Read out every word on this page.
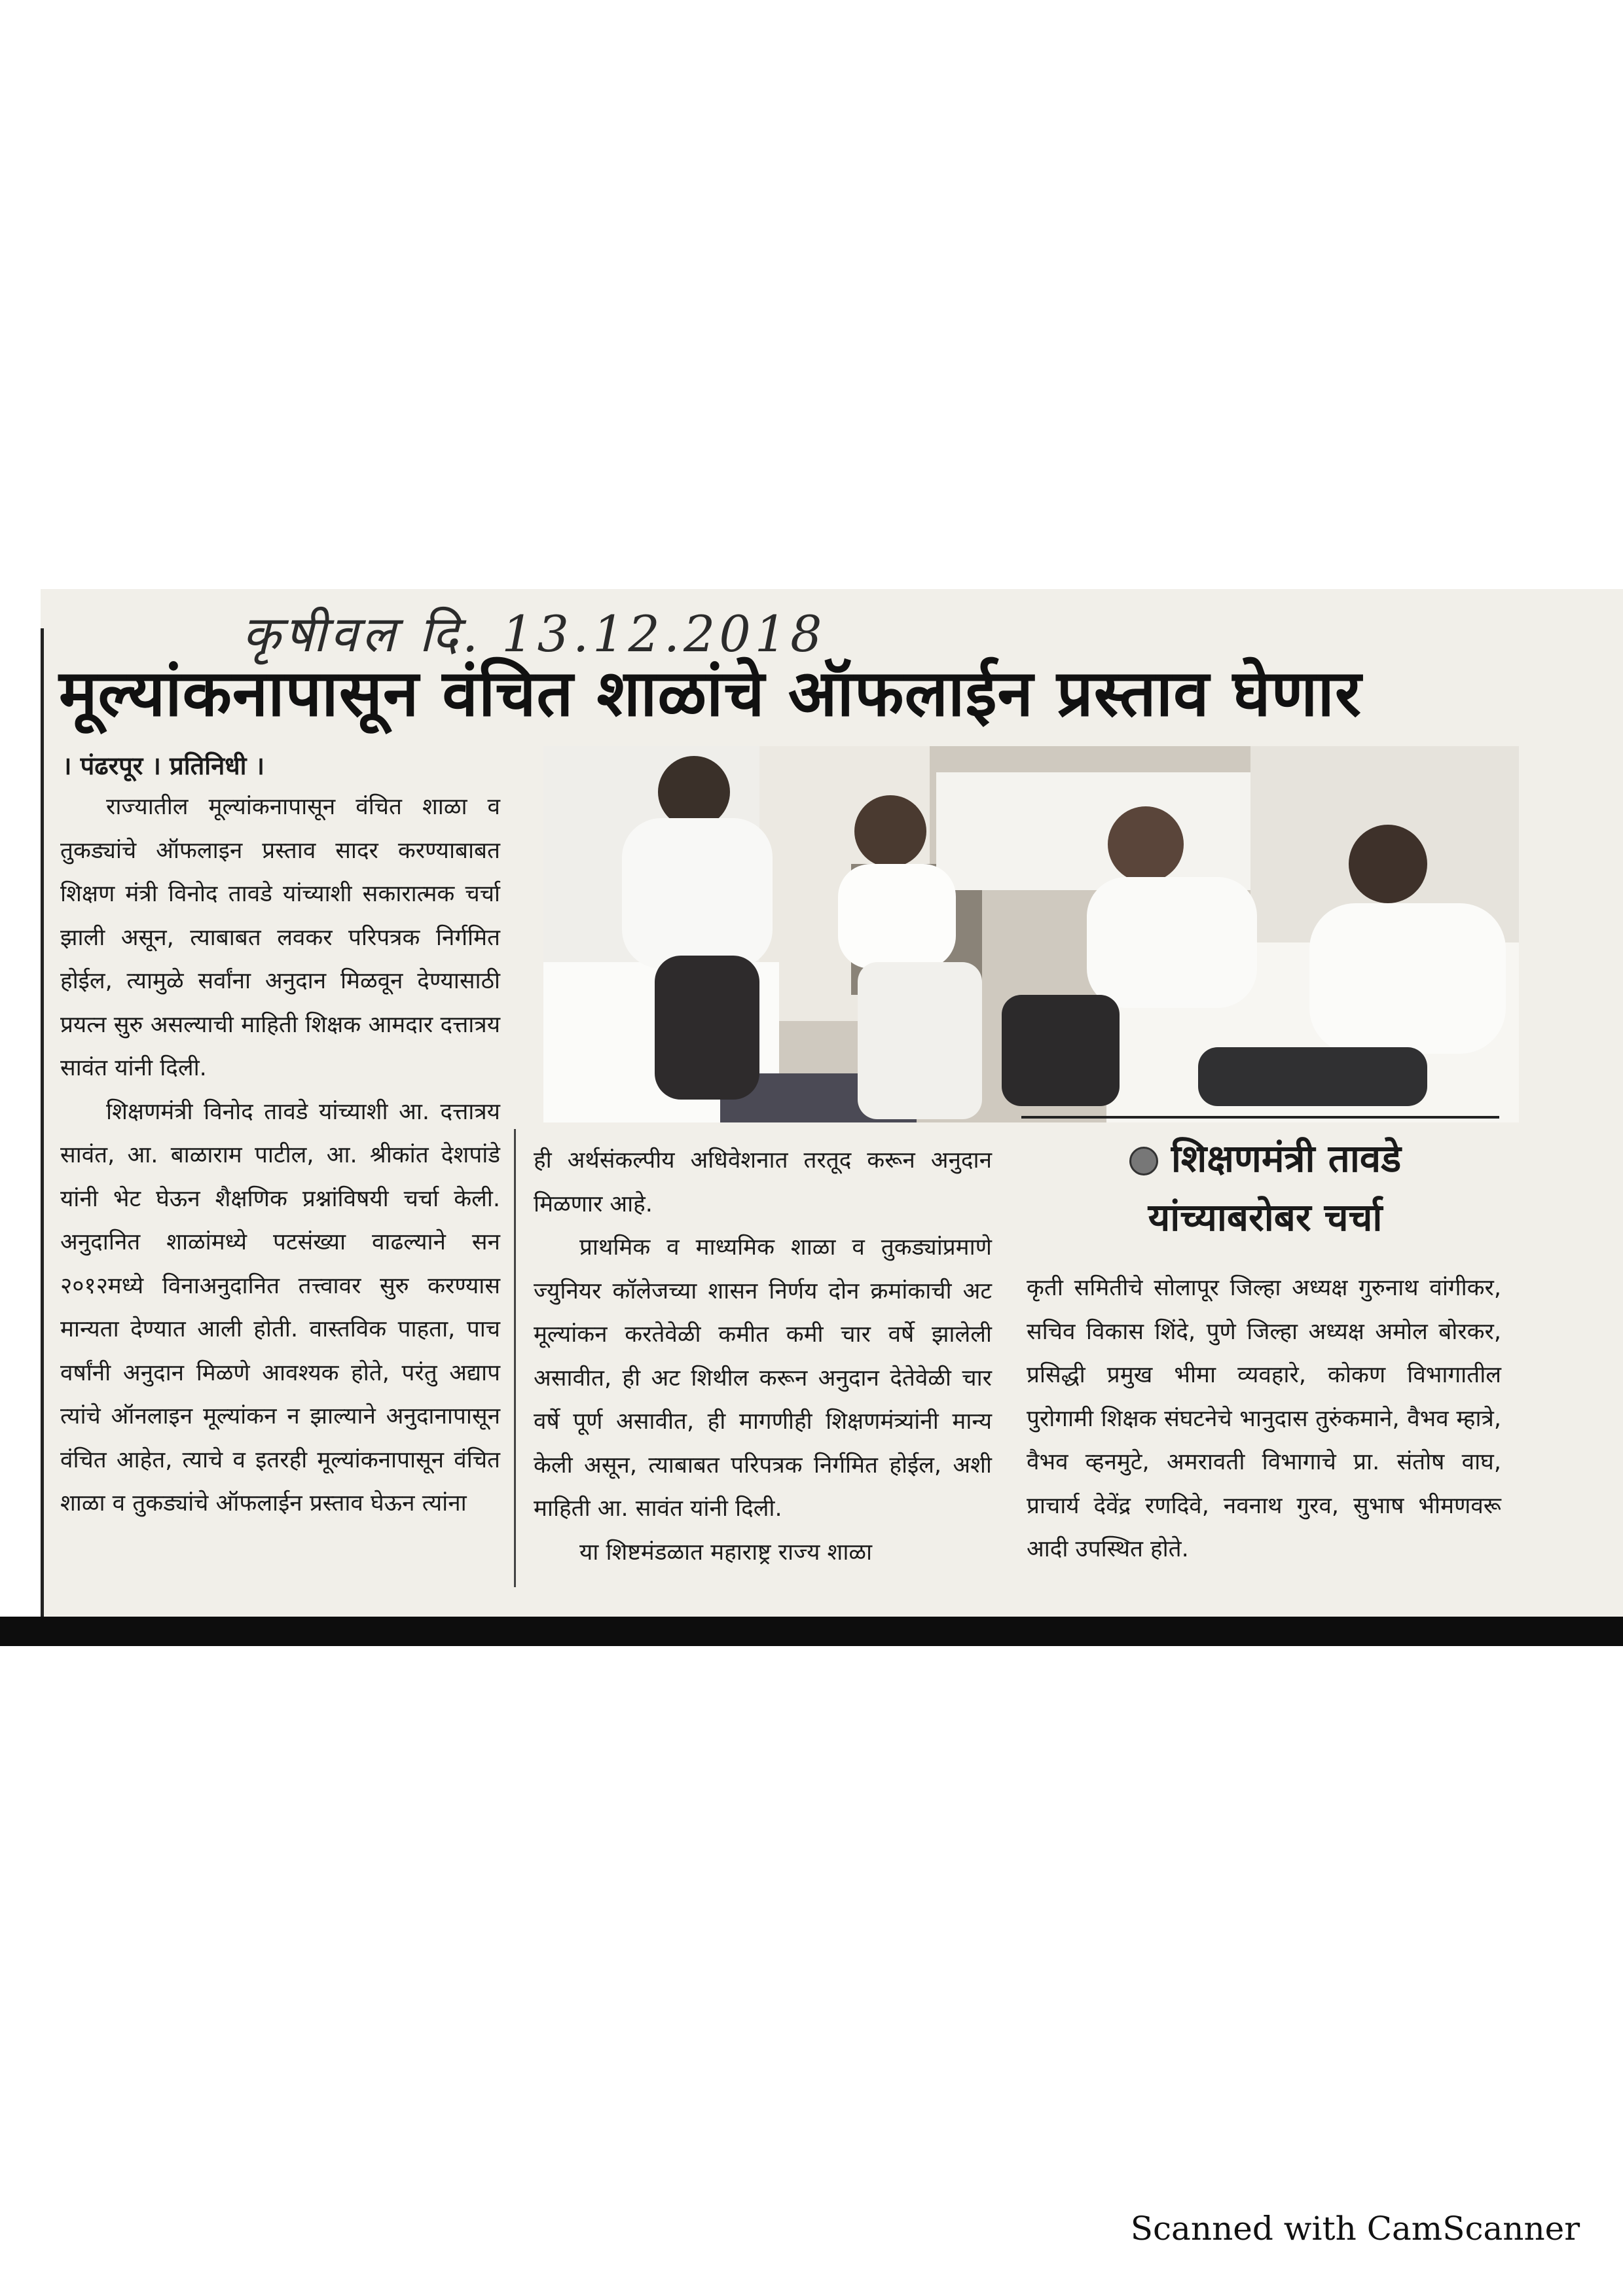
कृषीवल दि. 13.12.2018
मूल्यांकनापासून वंचित शाळांचे ऑफलाईन प्रस्ताव घेणार
। पंढरपूर । प्रतिनिधी ।

राज्यातील मूल्यांकनापासून वंचित शाळा व तुकड्यांचे ऑफलाइन प्रस्ताव सादर करण्याबाबत शिक्षण मंत्री विनोद तावडे यांच्याशी सकारात्मक चर्चा झाली असून, त्याबाबत लवकर परिपत्रक निर्गमित होईल, त्यामुळे सर्वांना अनुदान मिळवून देण्यासाठी प्रयत्न सुरु असल्याची माहिती शिक्षक आमदार दत्तात्रय सावंत यांनी दिली.

शिक्षणमंत्री विनोद तावडे यांच्याशी आ. दत्तात्रय सावंत, आ. बाळाराम पाटील, आ. श्रीकांत देशपांडे यांनी भेट घेऊन शैक्षणिक प्रश्नांविषयी चर्चा केली. अनुदानित शाळांमध्ये पटसंख्या वाढल्याने सन २०१२मध्ये विनाअनुदानित तत्त्वावर सुरु करण्यास मान्यता देण्यात आली होती. वास्तविक पाहता, पाच वर्षांनी अनुदान मिळणे आवश्यक होते, परंतु अद्याप त्यांचे ऑनलाइन मूल्यांकन न झाल्याने अनुदानापासून वंचित आहेत, त्याचे व इतरही मूल्यांकनापासून वंचित शाळा व तुकड्यांचे ऑफलाईन प्रस्ताव घेऊन त्यांना

शिक्षणमंत्री तावडे
यांच्याबरोबर चर्चा

ही अर्थसंकल्पीय अधिवेशनात तरतूद करून अनुदान मिळणार आहे.

प्राथमिक व माध्यमिक शाळा व तुकड्यांप्रमाणे ज्युनियर कॉलेजच्या शासन निर्णय दोन क्रमांकाची अट मूल्यांकन करतेवेळी कमीत कमी चार वर्षे झालेली असावीत, ही अट शिथील करून अनुदान देतेवेळी चार वर्षे पूर्ण असावीत, ही मागणीही शिक्षणमंत्र्यांनी मान्य केली असून, त्याबाबत परिपत्रक निर्गमित होईल, अशी माहिती आ. सावंत यांनी दिली.

या शिष्टमंडळात महाराष्ट्र राज्य शाळा

कृती समितीचे सोलापूर जिल्हा अध्यक्ष गुरुनाथ वांगीकर, सचिव विकास शिंदे, पुणे जिल्हा अध्यक्ष अमोल बोरकर, प्रसिद्धी प्रमुख भीमा व्यवहारे, कोकण विभागातील पुरोगामी शिक्षक संघटनेचे भानुदास तुरुंकमाने, वैभव म्हात्रे, वैभव व्हनमुटे, अमरावती विभागाचे प्रा. संतोष वाघ, प्राचार्य देवेंद्र रणदिवे, नवनाथ गुरव, सुभाष भीमणवरू आदी उपस्थित होते.

Scanned with CamScanner
